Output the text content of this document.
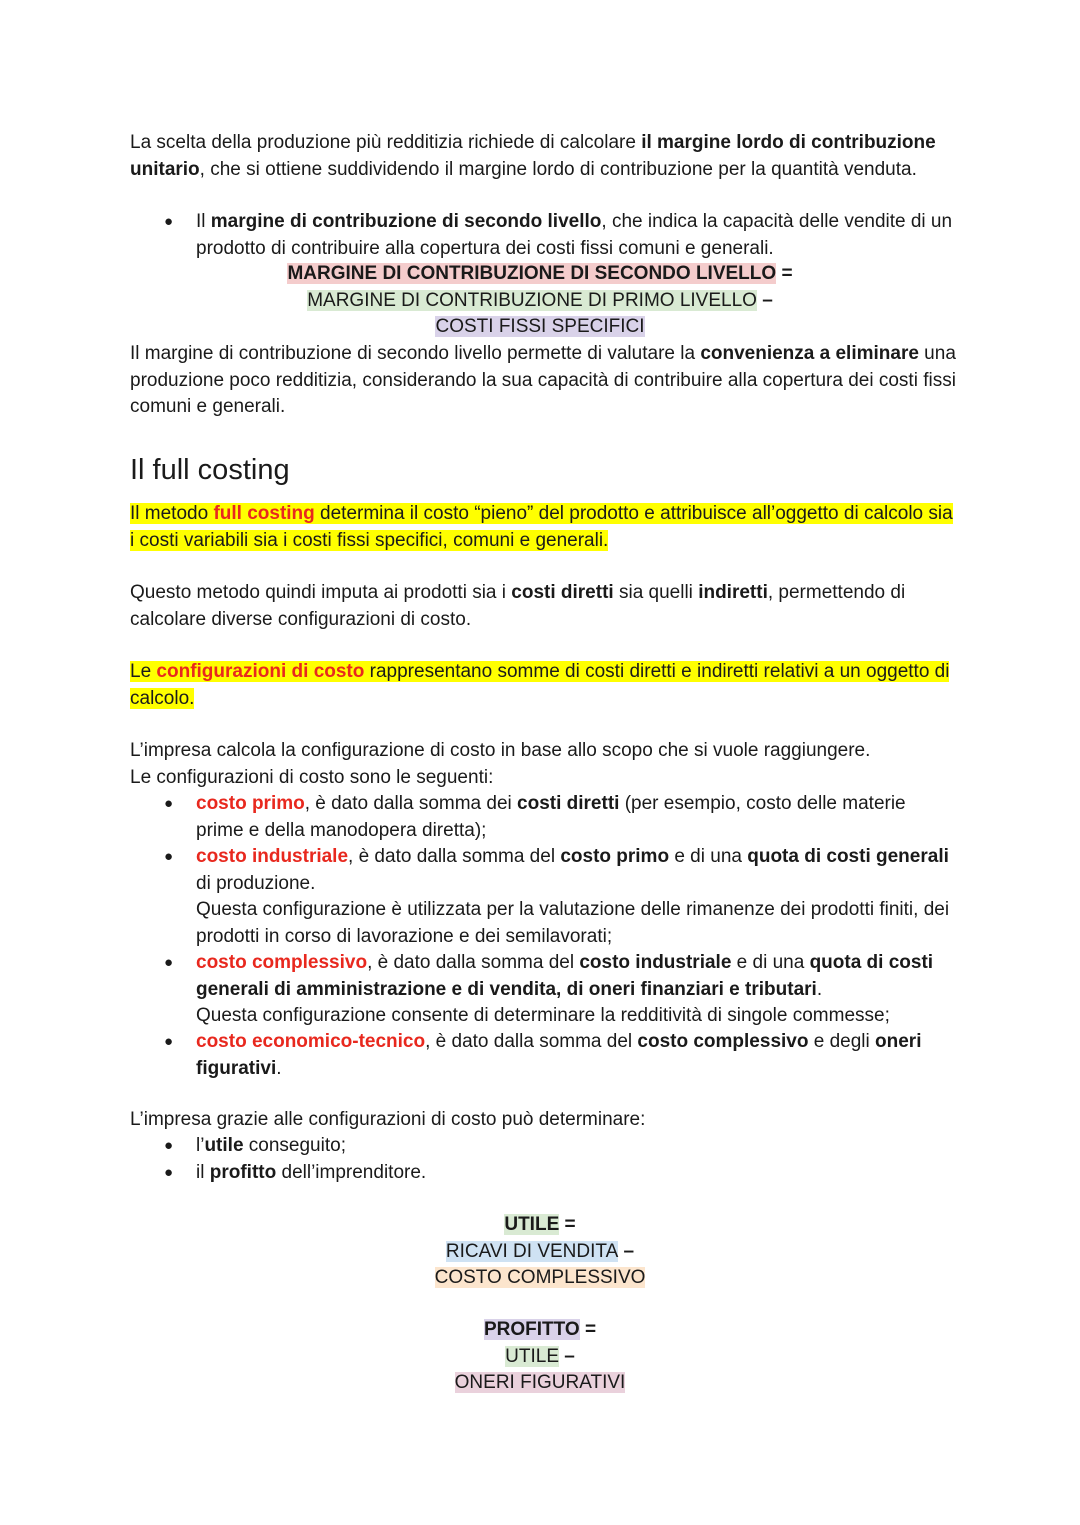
La scelta della produzione più redditizia richiede di calcolare il margine lordo di contribuzione unitario, che si ottiene suddividendo il margine lordo di contribuzione per la quantità venduta.

● Il margine di contribuzione di secondo livello, che indica la capacità delle vendite di un prodotto di contribuire alla copertura dei costi fissi comuni e generali.

MARGINE DI CONTRIBUZIONE DI SECONDO LIVELLO =
MARGINE DI CONTRIBUZIONE DI PRIMO LIVELLO –
COSTI FISSI SPECIFICI

Il margine di contribuzione di secondo livello permette di valutare la convenienza a eliminare una produzione poco redditizia, considerando la sua capacità di contribuire alla copertura dei costi fissi comuni e generali.

Il full costing

Il metodo full costing determina il costo “pieno” del prodotto e attribuisce all’oggetto di calcolo sia i costi variabili sia i costi fissi specifici, comuni e generali.

Questo metodo quindi imputa ai prodotti sia i costi diretti sia quelli indiretti, permettendo di calcolare diverse configurazioni di costo.

Le configurazioni di costo rappresentano somme di costi diretti e indiretti relativi a un oggetto di calcolo.

L’impresa calcola la configurazione di costo in base allo scopo che si vuole raggiungere.
Le configurazioni di costo sono le seguenti:
● costo primo, è dato dalla somma dei costi diretti (per esempio, costo delle materie prime e della manodopera diretta);

● costo industriale, è dato dalla somma del costo primo e di una quota di costi generali di produzione.
Questa configurazione è utilizzata per la valutazione delle rimanenze dei prodotti finiti, dei prodotti in corso di lavorazione e dei semilavorati;
● costo complessivo, è dato dalla somma del costo industriale e di una quota di costi generali di amministrazione e di vendita, di oneri finanziari e tributari.
Questa configurazione consente di determinare la redditività di singole commesse;
● costo economico-tecnico, è dato dalla somma del costo complessivo e degli oneri figurativi.

L’impresa grazie alle configurazioni di costo può determinare:

● l’utile conseguito;

● il profitto dell’imprenditore.

UTILE =
RICAVI DI VENDITA –
COSTO COMPLESSIVO
PROFITTO =
UTILE –
ONERI FIGURATIVI
